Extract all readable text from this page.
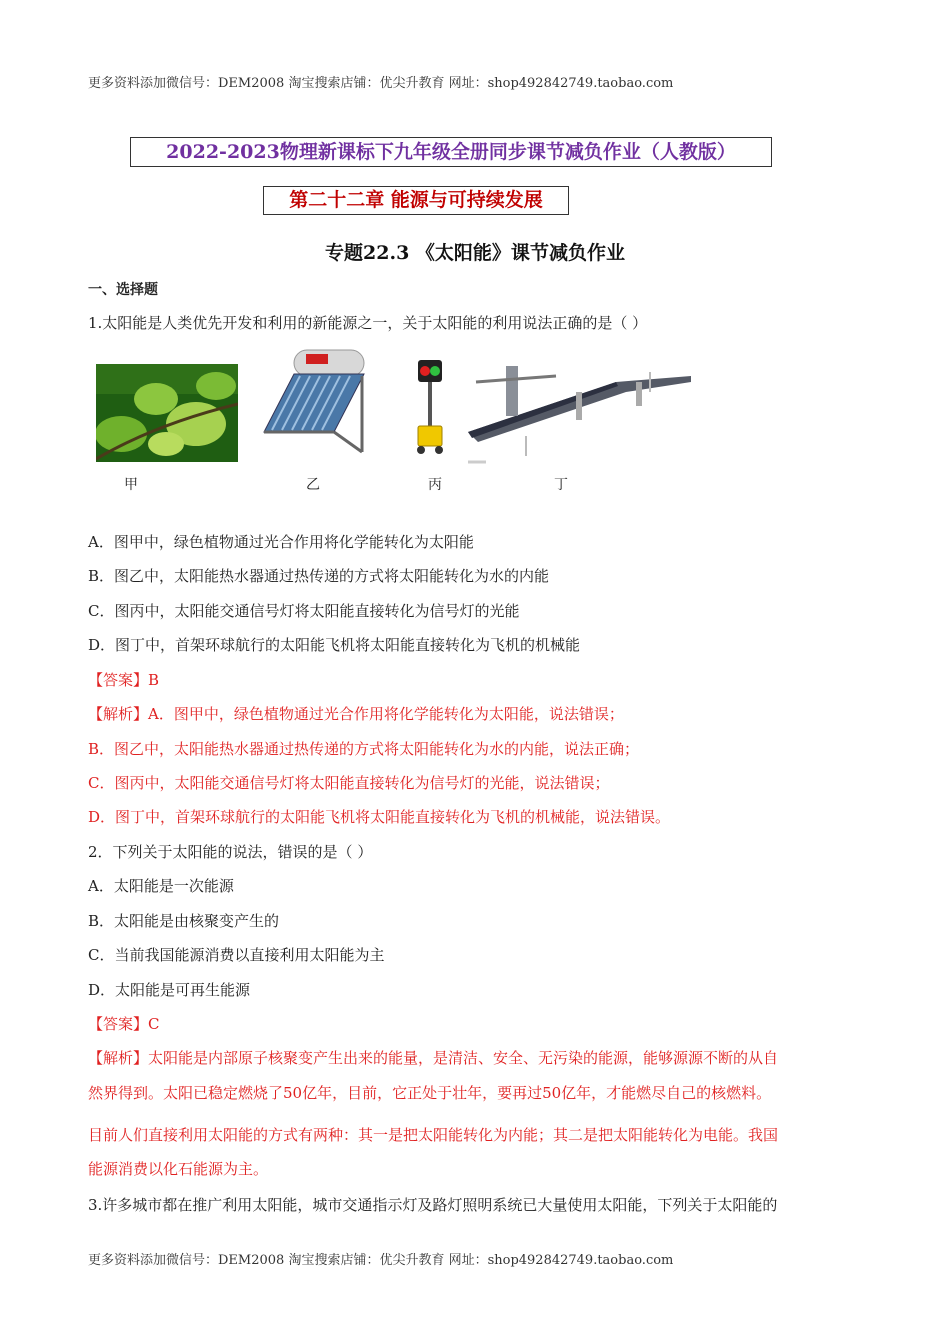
更多资料添加微信号：DEM2008 淘宝搜索店铺：优尖升教育 网址：shop492842749.taobao.com
2022-2023物理新课标下九年级全册同步课节减负作业（人教版）
第二十二章 能源与可持续发展
专题22.3 《太阳能》课节减负作业
一、选择题
1.太阳能是人类优先开发和利用的新能源之一，关于太阳能的利用说法正确的是（ ）
甲	乙	丙	丁
A．图甲中，绿色植物通过光合作用将化学能转化为太阳能
B．图乙中，太阳能热水器通过热传递的方式将太阳能转化为水的内能
C．图丙中，太阳能交通信号灯将太阳能直接转化为信号灯的光能
D．图丁中，首架环球航行的太阳能飞机将太阳能直接转化为飞机的机械能
【答案】B
【解析】A．图甲中，绿色植物通过光合作用将化学能转化为太阳能，说法错误；
B．图乙中，太阳能热水器通过热传递的方式将太阳能转化为水的内能，说法正确；
C．图丙中，太阳能交通信号灯将太阳能直接转化为信号灯的光能，说法错误；
D．图丁中，首架环球航行的太阳能飞机将太阳能直接转化为飞机的机械能，说法错误。
2．下列关于太阳能的说法，错误的是（ ）
A．太阳能是一次能源
B．太阳能是由核聚变产生的
C．当前我国能源消费以直接利用太阳能为主
D．太阳能是可再生能源
【答案】C
【解析】太阳能是内部原子核聚变产生出来的能量，是清洁、安全、无污染的能源，能够源源不断的从自
然界得到。太阳已稳定燃烧了50亿年，目前，它正处于壮年，要再过50亿年，才能燃尽自己的核燃料。
目前人们直接利用太阳能的方式有两种：其一是把太阳能转化为内能；其二是把太阳能转化为电能。我国
能源消费以化石能源为主。
3.许多城市都在推广利用太阳能，城市交通指示灯及路灯照明系统已大量使用太阳能，下列关于太阳能的
更多资料添加微信号：DEM2008 淘宝搜索店铺：优尖升教育 网址：shop492842749.taobao.com
